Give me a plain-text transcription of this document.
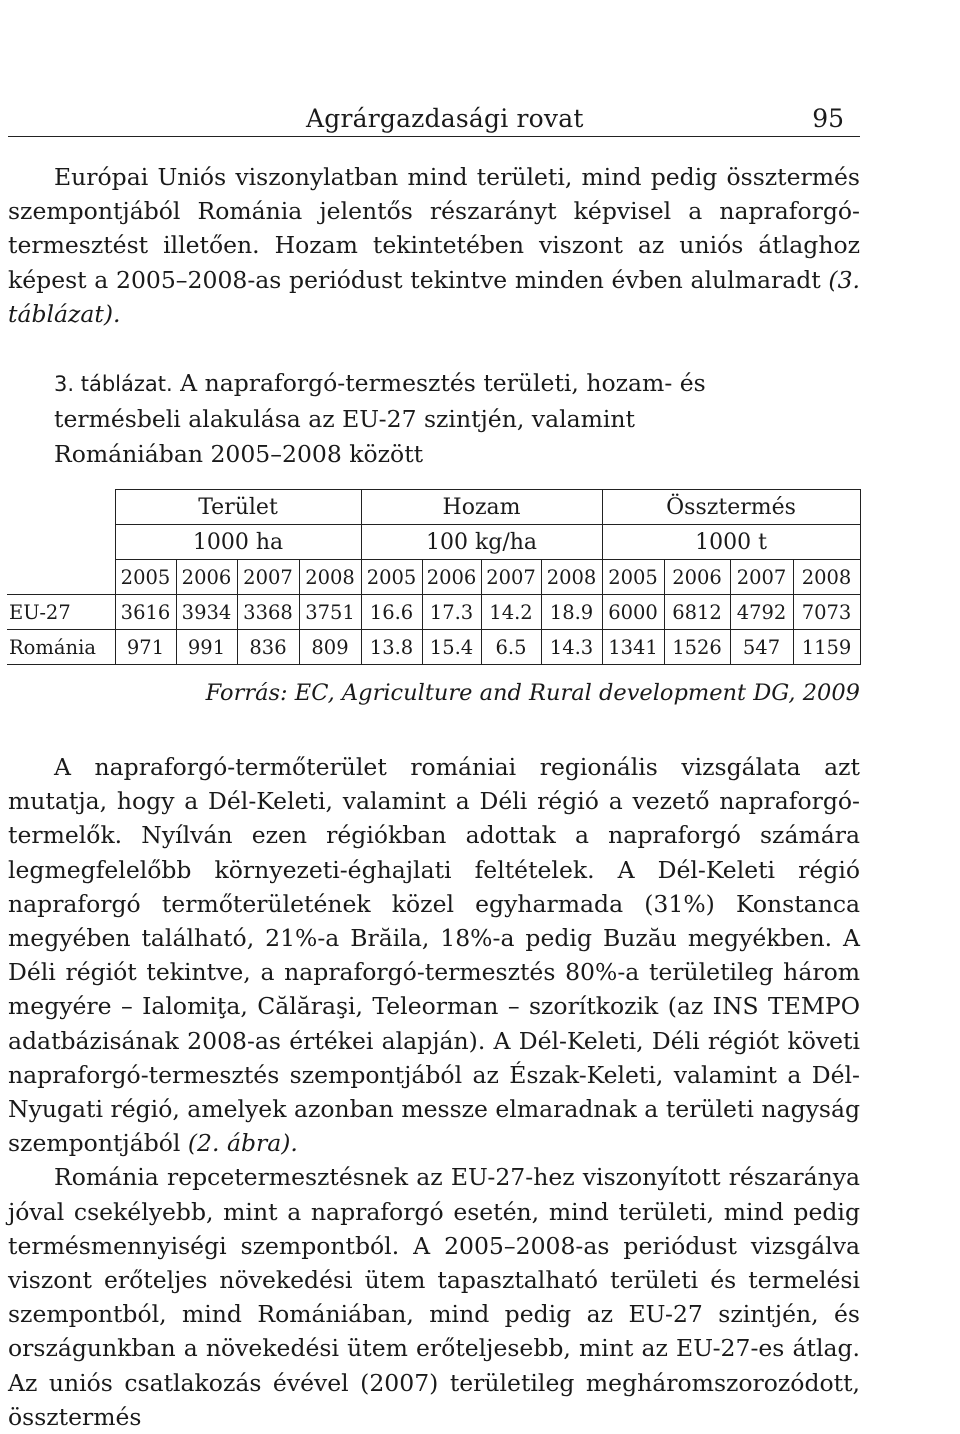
Agrárgazdasági rovat	95
Európai Uniós viszonylatban mind területi, mind pedig össztermés szempontjából Románia jelentős részarányt képvisel a napraforgó-termesztést illetően. Hozam tekintetében viszont az uniós átlaghoz képest a 2005–2008-as periódust tekintve minden évben alulmaradt (3. táblázat).
3. táblázat. A napraforgó-termesztés területi, hozam- és termésbeli alakulása az EU-27 szintjén, valamint Romániában 2005–2008 között
	Terület				Hozam				Össztermés			
	1000 ha				100 kg/ha				1000 t			
	2005	2006	2007	2008	2005	2006	2007	2008	2005	2006	2007	2008
EU-27	3616	3934	3368	3751	16.6	17.3	14.2	18.9	6000	6812	4792	7073
Románia	971	991	836	809	13.8	15.4	6.5	14.3	1341	1526	547	1159
Forrás: EC, Agriculture and Rural development DG, 2009
A napraforgó-termőterület romániai regionális vizsgálata azt mutatja, hogy a Dél-Keleti, valamint a Déli régió a vezető napraforgó-termelők. Nyílván ezen régiókban adottak a napraforgó számára legmegfelelőbb környezeti-éghajlati feltételek. A Dél-Keleti régió napraforgó termőterületének közel egyharmada (31%) Konstanca megyében található, 21%-a Brăila, 18%-a pedig Buzău megyékben. A Déli régiót tekintve, a napraforgó-termesztés 80%-a területileg három megyére – Ialomiţa, Călăraşi, Teleorman – szorítkozik (az INS TEMPO adatbázisának 2008-as értékei alapján). A Dél-Keleti, Déli régiót követi napraforgó-termesztés szempontjából az Észak-Keleti, valamint a Dél-Nyugati régió, amelyek azonban messze elmaradnak a területi nagyság szempontjából (2. ábra).
Románia repcetermesztésnek az EU-27-hez viszonyított részaránya jóval csekélyebb, mint a napraforgó esetén, mind területi, mind pedig termésmennyiségi szempontból. A 2005–2008-as periódust vizsgálva viszont erőteljes növekedési ütem tapasztalható területi és termelési szempontból, mind Romániában, mind pedig az EU-27 szintjén, és országunkban a növekedési ütem erőteljesebb, mint az EU-27-es átlag. Az uniós csatlakozás évével (2007) területileg megháromszorozódott, össztermés
